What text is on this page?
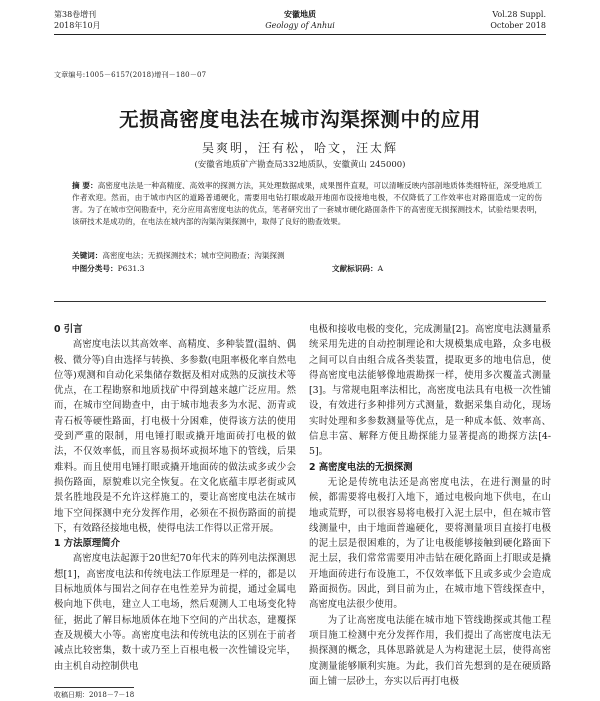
第38卷增刊
2018年10月
安徽地质
Geology of Anhui
Vol.28 Suppl.
October 2018
文章编号:1005－6157(2018)增刊－180－07
无损高密度电法在城市沟渠探测中的应用
吴爽明，汪有松，哈文，汪太辉
(安徽省地质矿产勘查局332地质队，安徽黄山 245000)
摘 要：高密度电法是一种高精度、高效率的探测方法，其处理数据成果，成果图件直观，可以清晰反映内部剖地质体类细特征，深受地质工作者欢迎。然而，由于城市内区的道路普通硬化，需要用电钻打眼或敲开地面布设接地电极，不仅降低了工作效率也对路面造成一定的伤害。为了在城市空间勘查中，充分应用高密度电法的优点，笔者研究出了一套城市硬化路面条件下的高密度无损探测技术，试验结果表明，该研技术是成功的，在电法在城内部的沟渠沟渠探测中，取得了良好的勘查效果。
关键词：高密度电法；无损探测技术；城市空间勘查；沟渠探测
中图分类号：P631.3	文献标识码：A
0 引言

高密度电法以其高效率、高精度、多种装置(温纳、偶极、微分等)自由选择与转换、多参数(电阻率极化率自然电位等)观测和自动化采集储存数据及相对成熟的反演技术等优点，在工程勘察和地质找矿中得到越来越广泛应用。然而，在城市空间勘查中，由于城市地表多为水泥、沥青或青石板等硬性路面，打电极十分困难，使得该方法的使用受到严重的限制，用电锤打眼或撬开地面砖打电极的做法，不仅效率低，而且容易损坏或损坏地下的管线，后果难料。而且使用电锤打眼或撬开地面砖的做法或多或少会损伤路面，原貌难以完全恢复。在文化底蕴丰厚老街或风景名胜地段是不允许这样施工的，要让高密度电法在城市地下空间探测中充分发挥作用，必须在不损伤路面的前提下，有效路径接地电极，使得电法工作得以正常开展。

1 方法原理简介

高密度电法起源于20世纪70年代末的阵列电法探测思想[1]，高密度电法和传统电法工作原理是一样的，都是以目标地质体与围岩之间存在电性差异为前提，通过金属电极向地下供电，建立人工电场，然后观测人工电场变化特征，据此了解目标地质体在地下空间的产出状态，建覆探查及规模大小等。高密度电法和传统电法的区别在于前者减点比较密集，数十或乃至上百根电极一次性铺设完毕，由主机自动控制供电

电极和接收电极的变化，完成测量[2]。高密度电法测量系统采用先进的自动控制理论和大规模集成电路，众多电极之间可以自由组合成各类装置，提取更多的地电信息，使得高密度电法能够像地震勘探一样，使用多次覆盖式测量[3]。与常规电阻率法相比，高密度电法具有电极一次性铺设，有效进行多种排列方式测量，数据采集自动化，现场实时处理和多参数测量等优点，是一种成本低、效率高、信息丰富、解释方便且勘探能力显著提高的勘探方法[4-5]。

2 高密度电法的无损探测

无论是传统电法还是高密度电法，在进行测量的时候，都需要将电极打入地下，通过电极向地下供电，在山地或荒野，可以很容易将电极打入泥土层中，但在城市管线测量中，由于地面普遍硬化，要将测量项目直接打电极的泥土层是很困难的，为了让电极能够接触到硬化路面下泥土层，我们常常需要用冲击钻在硬化路面上打眼或是撬开地面砖进行布设施工，不仅效率低下且或多或少会造成路面损伤。因此，到目前为止，在城市地下管线探查中，高密度电法很少使用。

为了让高密度电法能在城市地下管线勘探或其他工程项目施工检测中充分发挥作用，我们提出了高密度电法无损探测的概念，具体思路就是人为构建泥土层，使得高密度测量能够顺利实施。为此，我们首先想到的是在硬质路面上铺一层砂土，夯实以后再打电极

收稿日期：2018－7－18
